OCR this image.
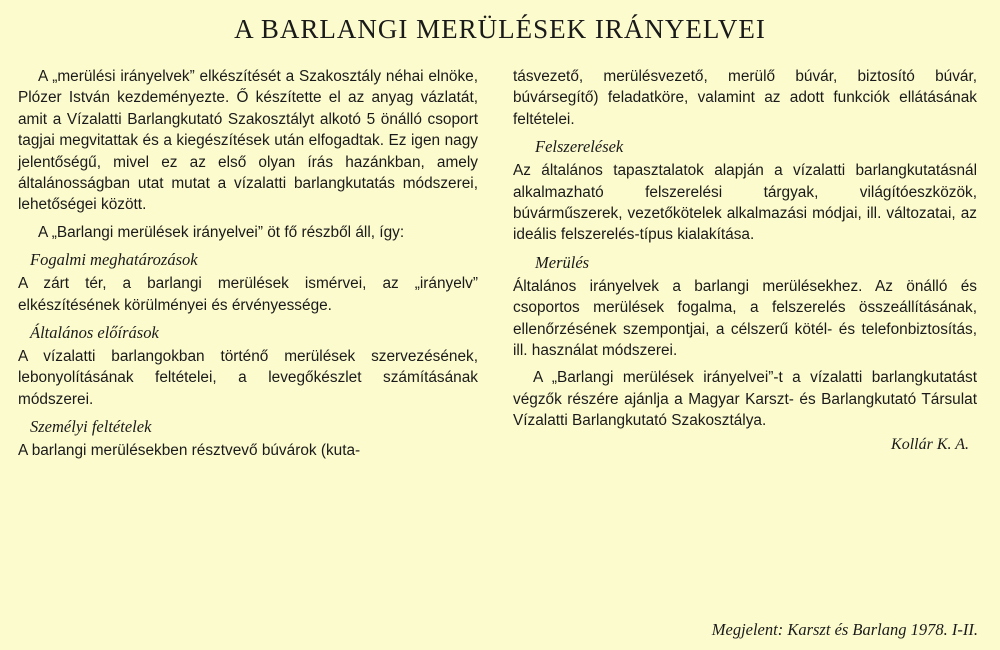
A BARLANGI MERÜLÉSEK IRÁNYELVEI

A „merülési irányelvek” elkészítését a Szakosztály néhai elnöke, Plózer István kezdeményezte. Ő készítette el az anyag vázlatát, amit a Vízalatti Barlangkutató Szakosztályt alkotó 5 önálló csoport tagjai megvitattak és a kiegészítések után elfogadtak. Ez igen nagy jelentőségű, mivel ez az első olyan írás hazánkban, amely általánosságban utat mutat a vízalatti barlangkutatás módszerei, lehetőségei között.

A „Barlangi merülések irányelvei” öt fő részből áll, így:

Fogalmi meghatározások

A zárt tér, a barlangi merülések ismérvei, az „irányelv” elkészítésének körülményei és érvényessége.

Általános előírások

A vízalatti barlangokban történő merülések szervezésének, lebonyolításának feltételei, a levegőkészlet számításának módszerei.

Személyi feltételek

A barlangi merülésekben résztvevő búvárok (kuta-

tásvezető, merülésvezető, merülő búvár, biztosító búvár, búvársegítő) feladatköre, valamint az adott funkciók ellátásának feltételei.

Felszerelések

Az általános tapasztalatok alapján a vízalatti barlangkutatásnál alkalmazható felszerelési tárgyak, világítóeszközök, búvárműszerek, vezetőkötelek alkalmazási módjai, ill. változatai, az ideális felszerelés-típus kialakítása.

Merülés

Általános irányelvek a barlangi merülésekhez. Az önálló és csoportos merülések fogalma, a felszerelés összeállításának, ellenőrzésének szempontjai, a célszerű kötél- és telefonbiztosítás, ill. használat módszerei.

A „Barlangi merülések irányelvei”-t a vízalatti barlangkutatást végzők részére ajánlja a Magyar Karszt- és Barlangkutató Társulat Vízalatti Barlangkutató Szakosztálya.

Kollár K. A.

Megjelent: Karszt és Barlang 1978. I-II.
